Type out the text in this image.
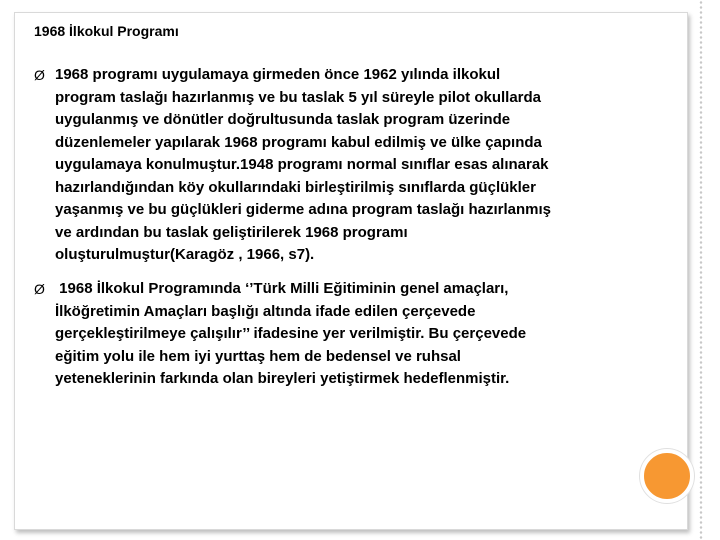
1968 İlkokul Programı
Ø 1968 programı uygulamaya girmeden önce 1962 yılında ilkokul
program taslağı hazırlanmış ve bu taslak 5 yıl süreyle pilot okullarda
uygulanmış ve dönütler doğrultusunda taslak program üzerinde
düzenlemeler yapılarak 1968 programı kabul edilmiş ve ülke çapında
uygulamaya konulmuştur.1948 programı normal sınıflar esas alınarak
hazırlandığından köy okullarındaki birleştirilmiş sınıflarda güçlükler
yaşanmış ve bu güçlükleri giderme adına program taslağı hazırlanmış
ve ardından bu taslak geliştirilerek 1968 programı
oluşturulmuştur(Karagöz , 1966, s7).
Ø 1968 İlkokul Programında ‘’Türk Milli Eğitiminin genel amaçları,
İlköğretimin Amaçları başlığı altında ifade edilen çerçevede
gerçekleştirilmeye çalışılır’’ ifadesine yer verilmiştir. Bu çerçevede
eğitim yolu ile hem iyi yurttaş hem de bedensel ve ruhsal
yeteneklerinin farkında olan bireyleri yetiştirmek hedeflenmiştir.
